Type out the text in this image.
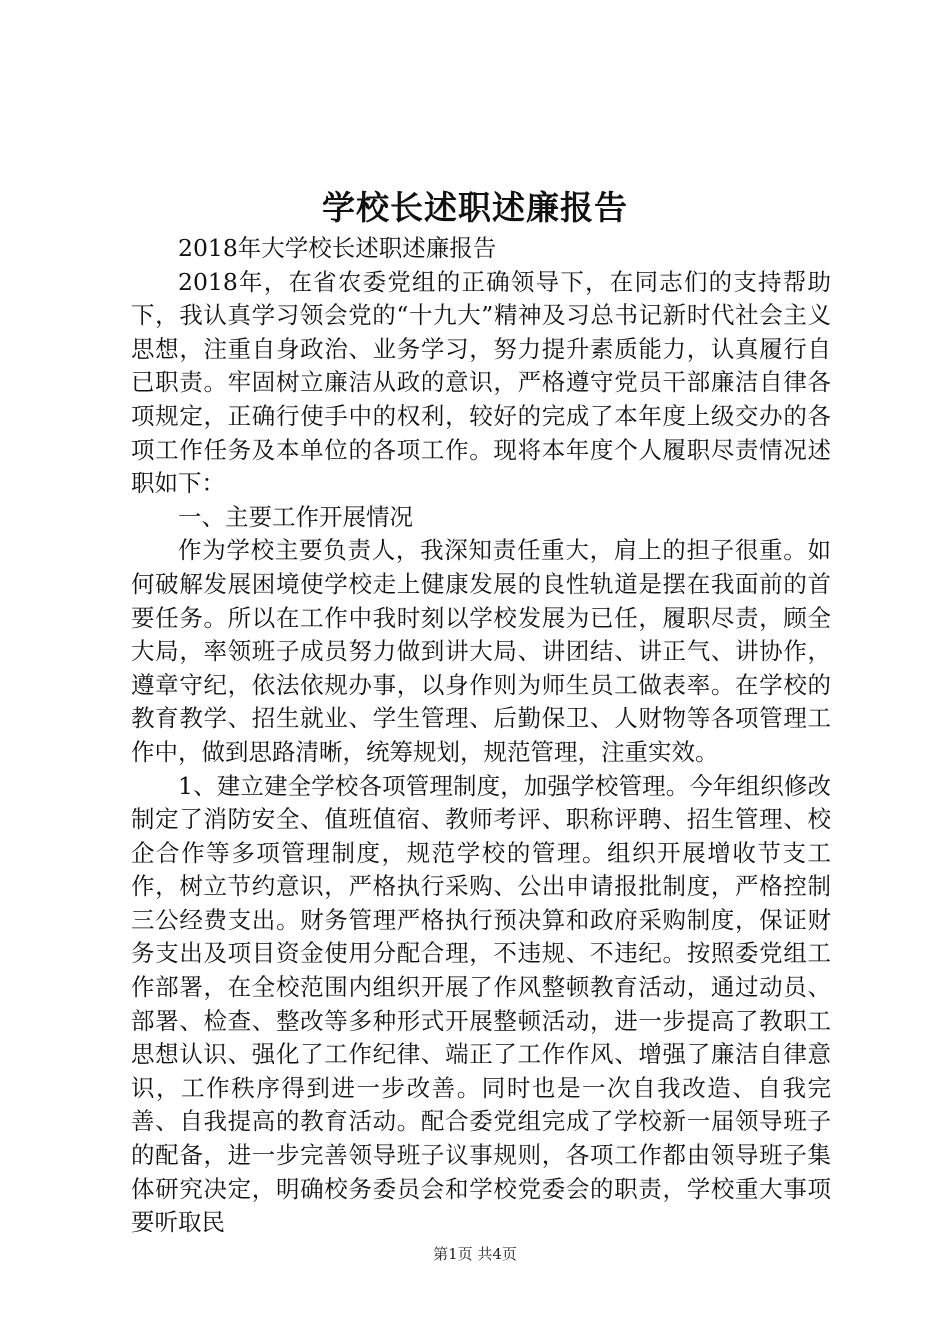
学校长述职述廉报告

2018年大学校长述职述廉报告

2018年，在省农委党组的正确领导下，在同志们的支持帮助下，我认真学习领会党的“十九大”精神及习总书记新时代社会主义思想，注重自身政治、业务学习，努力提升素质能力，认真履行自已职责。牢固树立廉洁从政的意识，严格遵守党员干部廉洁自律各项规定，正确行使手中的权利，较好的完成了本年度上级交办的各项工作任务及本单位的各项工作。现将本年度个人履职尽责情况述职如下：

一、主要工作开展情况

作为学校主要负责人，我深知责任重大，肩上的担子很重。如何破解发展困境使学校走上健康发展的良性轨道是摆在我面前的首要任务。所以在工作中我时刻以学校发展为已任，履职尽责，顾全大局，率领班子成员努力做到讲大局、讲团结、讲正气、讲协作，遵章守纪，依法依规办事，以身作则为师生员工做表率。在学校的教育教学、招生就业、学生管理、后勤保卫、人财物等各项管理工作中，做到思路清晰，统筹规划，规范管理，注重实效。

1、建立建全学校各项管理制度，加强学校管理。今年组织修改制定了消防安全、值班值宿、教师考评、职称评聘、招生管理、校企合作等多项管理制度，规范学校的管理。组织开展增收节支工作，树立节约意识，严格执行采购、公出申请报批制度，严格控制三公经费支出。财务管理严格执行预决算和政府采购制度，保证财务支出及项目资金使用分配合理，不违规、不违纪。按照委党组工作部署，在全校范围内组织开展了作风整顿教育活动，通过动员、部署、检查、整改等多种形式开展整顿活动，进一步提高了教职工思想认识、强化了工作纪律、端正了工作作风、增强了廉洁自律意识，工作秩序得到进一步改善。同时也是一次自我改造、自我完善、自我提高的教育活动。配合委党组完成了学校新一届领导班子的配备，进一步完善领导班子议事规则，各项工作都由领导班子集体研究决定，明确校务委员会和学校党委会的职责，学校重大事项要听取民

第1页 共4页
